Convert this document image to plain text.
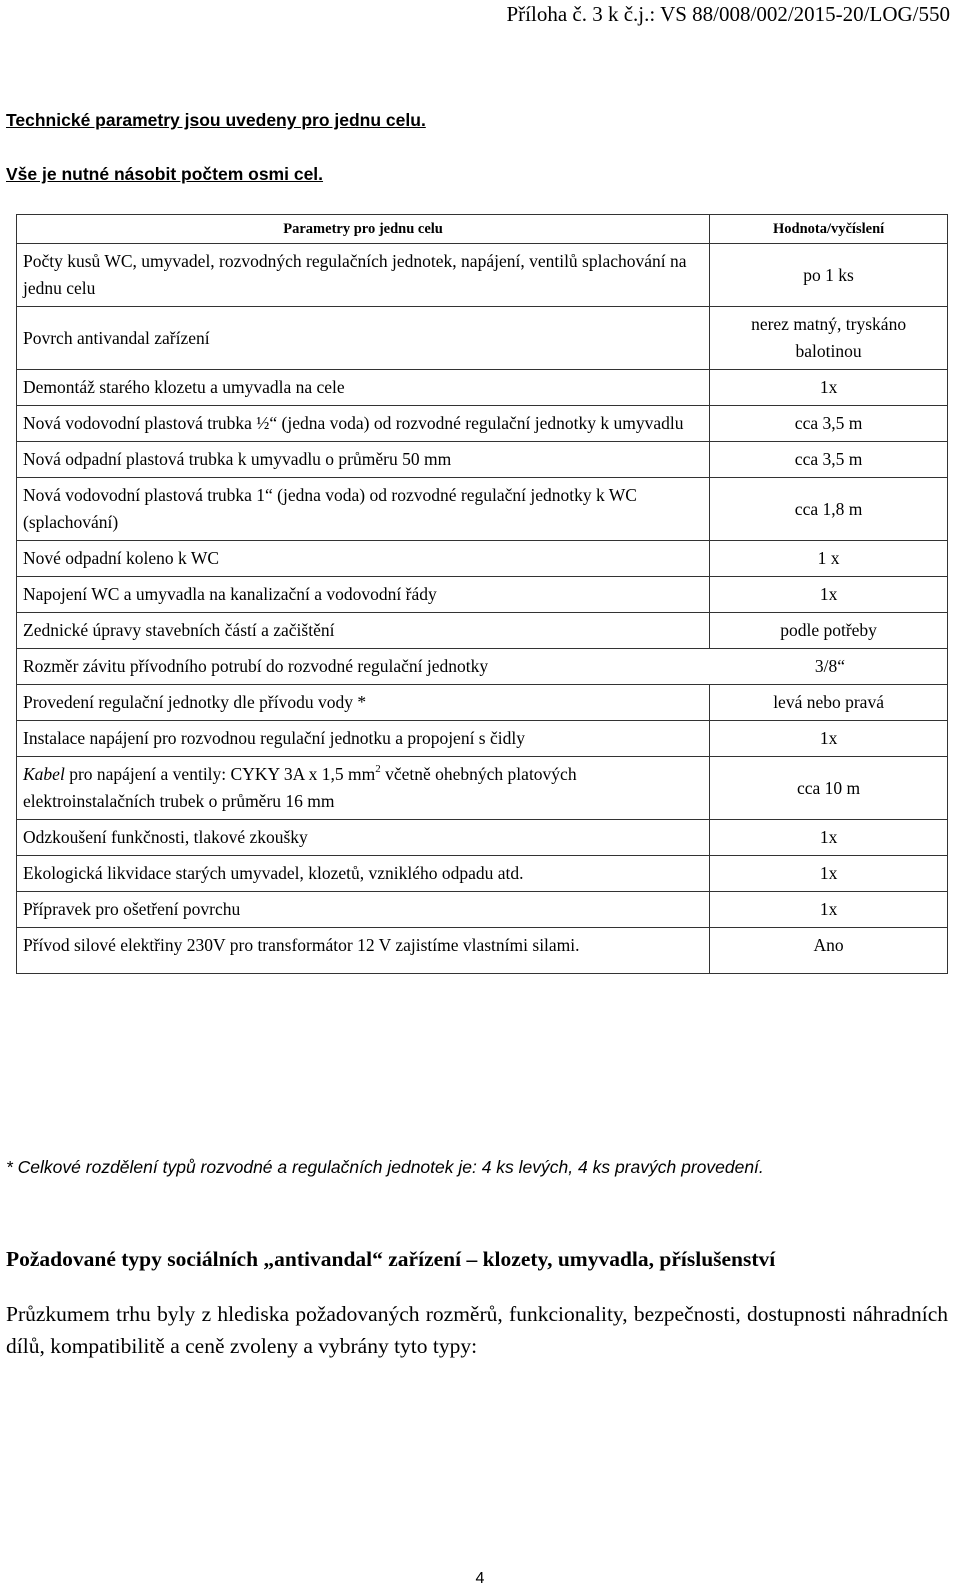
Příloha č. 3 k č.j.: VS 88/008/002/2015-20/LOG/550
Technické parametry jsou uvedeny pro jednu celu.
Vše je nutné násobit počtem osmi cel.
Parametry pro jednu celu	Hodnota/vyčíslení
Počty kusů WC, umyvadel, rozvodných regulačních jednotek, napájení, ventilů splachování na jednu celu	po 1 ks
Povrch antivandal zařízení	nerez matný, tryskáno balotinou
Demontáž starého klozetu a umyvadla na cele	1x
Nová vodovodní plastová trubka ½“ (jedna voda) od rozvodné regulační jednotky k umyvadlu	cca 3,5 m
Nová odpadní plastová trubka k umyvadlu o průměru 50 mm	cca 3,5 m
Nová vodovodní plastová trubka 1“ (jedna voda) od rozvodné regulační jednotky k WC (splachování)	cca 1,8 m
Nové odpadní koleno k WC	1 x
Napojení WC a umyvadla na kanalizační a vodovodní řády	1x
Zednické úpravy stavebních částí a začištění	podle potřeby
Rozměr závitu přívodního potrubí do rozvodné regulační jednotky 3/8“	

Provedení regulační jednotky dle přívodu vody *	levá nebo pravá
Instalace napájení pro rozvodnou regulační jednotku a propojení s čidly	1x
Kabel pro napájení a ventily: CYKY 3A x 1,5 $mm^2$ včetně ohebných platových elektroinstalačních trubek o průměru 16 mm	cca 10 m
Odzkoušení funkčnosti, tlakové zkoušky	1x
Ekologická likvidace starých umyvadel, klozetů, vzniklého odpadu atd.	1x
Přípravek pro ošetření povrchu	1x
Přívod silové elektřiny 230V pro transformátor 12 V zajistíme vlastními silami.	Ano
* Celkové rozdělení typů rozvodné a regulačních jednotek je: 4 ks levých, 4 ks pravých provedení.
Požadované typy sociálních „antivandal“ zařízení – klozety, umyvadla, příslušenství
Průzkumem trhu byly z hlediska požadovaných rozměrů, funkcionality, bezpečnosti, dostupnosti náhradních dílů, kompatibilitě a ceně zvoleny a vybrány tyto typy:
4
